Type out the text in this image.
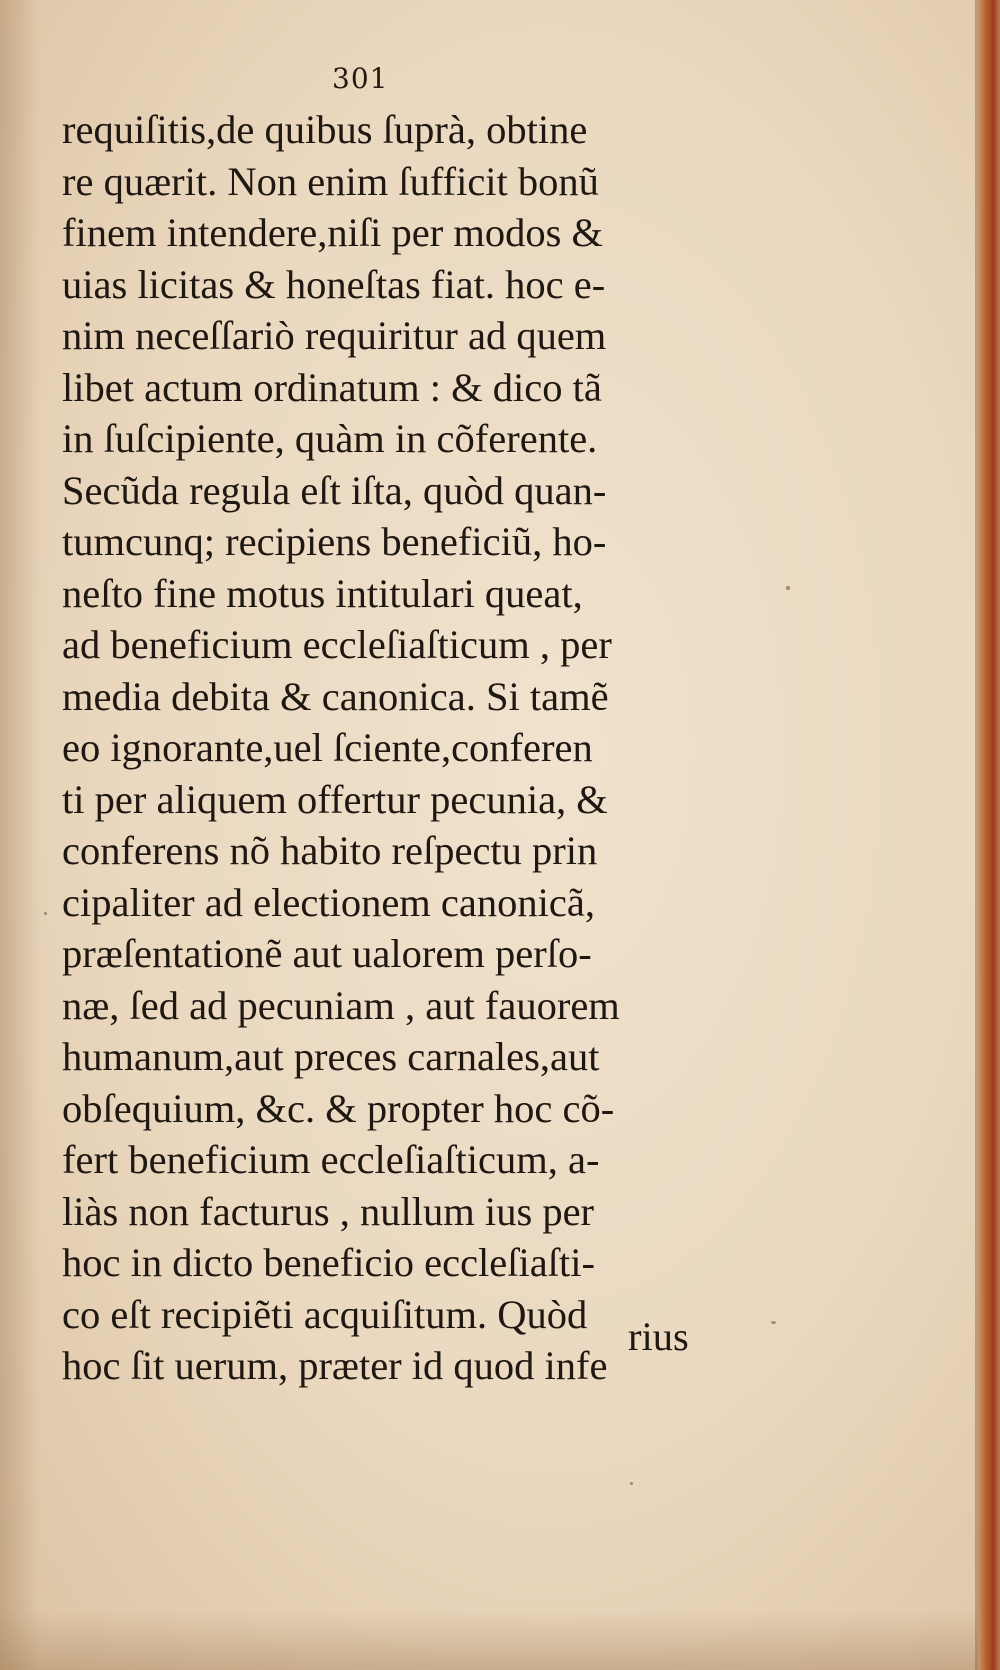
301
requiſitis,de quibus ſuprà, obtine
re quærit. Non enim ſufficit bonũ
finem intendere,niſi per modos &
uias licitas & honeſtas fiat. hoc e-
nim neceſſariò requiritur ad quem
libet actum ordinatum : & dico tã
in ſuſcipiente, quàm in cõferente.
Secũda regula eſt iſta, quòd quan-
tumcunq; recipiens beneficiũ, ho-
neſto fine motus intitulari queat,
ad beneficium eccleſiaſticum , per
media debita & canonica. Si tamẽ
eo ignorante,uel ſciente,conferen
ti per aliquem offertur pecunia, &
conferens nõ habito reſpectu prin
cipaliter ad electionem canonicã,
præſentationẽ aut ualorem perſo-
næ, ſed ad pecuniam , aut fauorem
humanum,aut preces carnales,aut
obſequium, &c. & propter hoc cõ-
fert beneficium eccleſiaſticum, a-
liàs non facturus , nullum ius per
hoc in dicto beneficio eccleſiaſti-
co eſt recipiẽti acquiſitum. Quòd
hoc ſit uerum, præter id quod infe
rius
